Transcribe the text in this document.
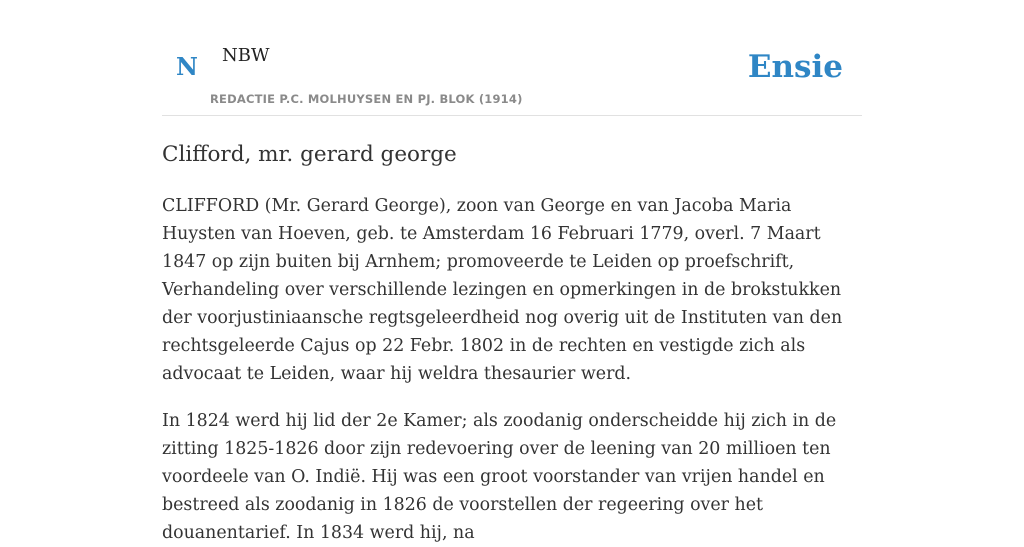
N NBW
REDACTIE P.C. MOLHUYSEN EN PJ. BLOK (1914)
Ensie
Clifford, mr. gerard george

CLIFFORD (Mr. Gerard George), zoon van George en van Jacoba Maria Huysten van Hoeven, geb. te Amsterdam 16 Februari 1779, overl. 7 Maart 1847 op zijn buiten bij Arnhem; promoveerde te Leiden op proefschrift, Verhandeling over verschillende lezingen en opmerkingen in de brokstukken der voorjustiniaansche regtsgeleerdheid nog overig uit de Instituten van den rechtsgeleerde Cajus op 22 Febr. 1802 in de rechten en vestigde zich als advocaat te Leiden, waar hij weldra thesaurier werd.

In 1824 werd hij lid der 2e Kamer; als zoodanig onderscheidde hij zich in de zitting 1825-1826 door zijn redevoering over de leening van 20 millioen ten voordeele van O. Indië. Hij was een groot voorstander van vrijen handel en bestreed als zoodanig in 1826 de voorstellen der regeering over het douanentarief. In 1834 werd hij, na
